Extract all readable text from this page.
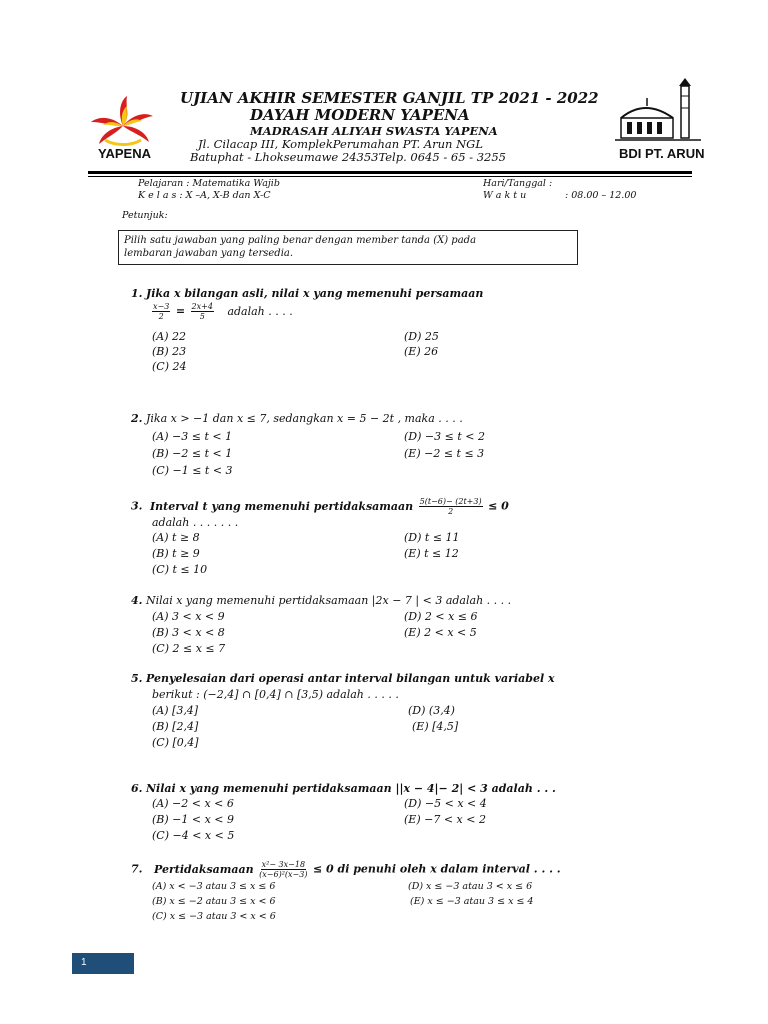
YAPENA
UJIAN AKHIR SEMESTER GANJIL TP 2021 - 2022
DAYAH MODERN YAPENA
MADRASAH ALIYAH SWASTA YAPENA
Jl. Cilacap III, KomplekPerumahan PT. Arun NGL
Batuphat - Lhokseumawe 24353Telp. 0645 - 65 - 3255	BDI PT. ARUN
Pelajaran : Matematika Wajib
K e l a s : X –A, X-B dan X-C
Hari/Tanggal :
W a k t u	: 08.00 – 12.00
Petunjuk:
Pilih satu jawaban yang paling benar dengan member tanda (X) pada
lembaran jawaban yang tersedia.
1. Jika x bilangan asli, nilai x yang memenuhi persamaan
$\frac{x-3}{2} = \frac{2x+4}{5}$ adalah . . . .
(A) 22
(B) 23
(C) 24
(D) 25
(E) 26
2. Jika x > −1 dan x ≤ 7, sedangkan x = 5 − 2t , maka . . . .
(A) −3 ≤ t < 1
(B) −2 ≤ t < 1
(C) −1 ≤ t < 3
(D) −3 ≤ t < 2
(E) −2 ≤ t ≤ 3
3. Interval t yang memenuhi pertidaksamaan $\frac{5(t-6)- (2t+3)}{2} \le 0$
adalah . . . . . . .
(A) t ≥ 8
(B) t ≥ 9
(C) t ≤ 10
(D) t ≤ 11
(E) t ≤ 12
4. Nilai x yang memenuhi pertidaksamaan |2x − 7 | < 3 adalah . . . .
(A) 3 < x < 9
(B) 3 < x < 8
(C) 2 ≤ x ≤ 7
(D) 2 < x ≤ 6
(E) 2 < x < 5
5. Penyelesaian dari operasi antar interval bilangan untuk variabel x
berikut : (−2,4] ∩ [0,4] ∩ [3,5) adalah . . . . .
(A) [3,4]
(B) [2,4]
(C) [0,4]
(D) (3,4)
(E) [4,5]
6. Nilai x yang memenuhi pertidaksamaan ||x − 4|− 2| < 3 adalah . . .
(A) −2 < x < 6
(B) −1 < x < 9
(C) −4 < x < 5
(D) −5 < x < 4
(E) −7 < x < 2
7. Pertidaksamaan $\frac{\text{x²− 3x−18}}{\text{(x−6)²(x−3)}} \le 0$ di penuhi oleh x dalam interval . . . .
(A) x < −3 atau 3 ≤ x ≤ 6
(B) x ≤ −2 atau 3 ≤ x < 6
(C) x ≤ −3 atau 3 < x < 6
(D) x ≤ −3 atau 3 < x ≤ 6
(E) x ≤ −3 atau 3 ≤ x ≤ 4
1
